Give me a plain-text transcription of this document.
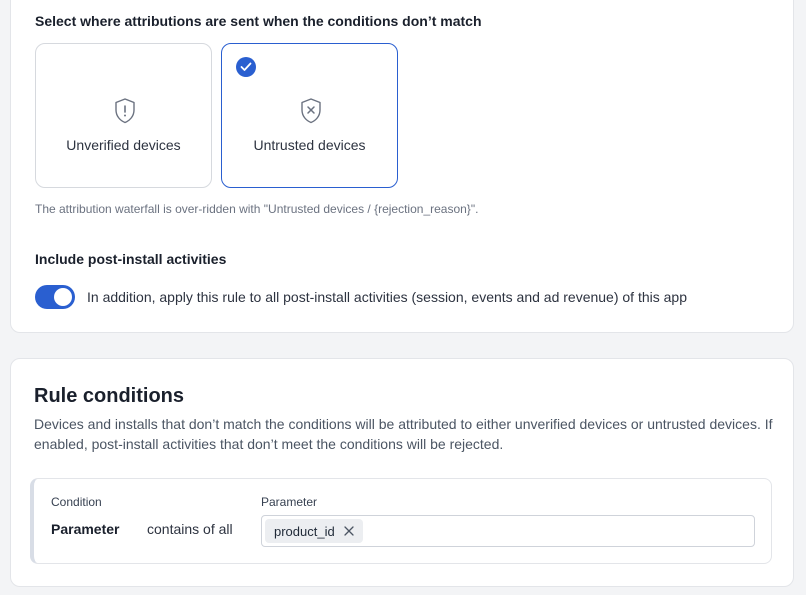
Select where attributions are sent when the conditions don’t match
Unverified devices	Untrusted devices
The attribution waterfall is over-ridden with "Untrusted devices / {rejection_reason}".
Include post-install activities
In addition, apply this rule to all post-install activities (session, events and ad revenue) of this app
Rule conditions
Devices and installs that don’t match the conditions will be attributed to either unverified devices or untrusted devices. If enabled, post-install activities that don’t meet the conditions will be rejected.
Condition	Parameter
Parameter contains of all	product_id
